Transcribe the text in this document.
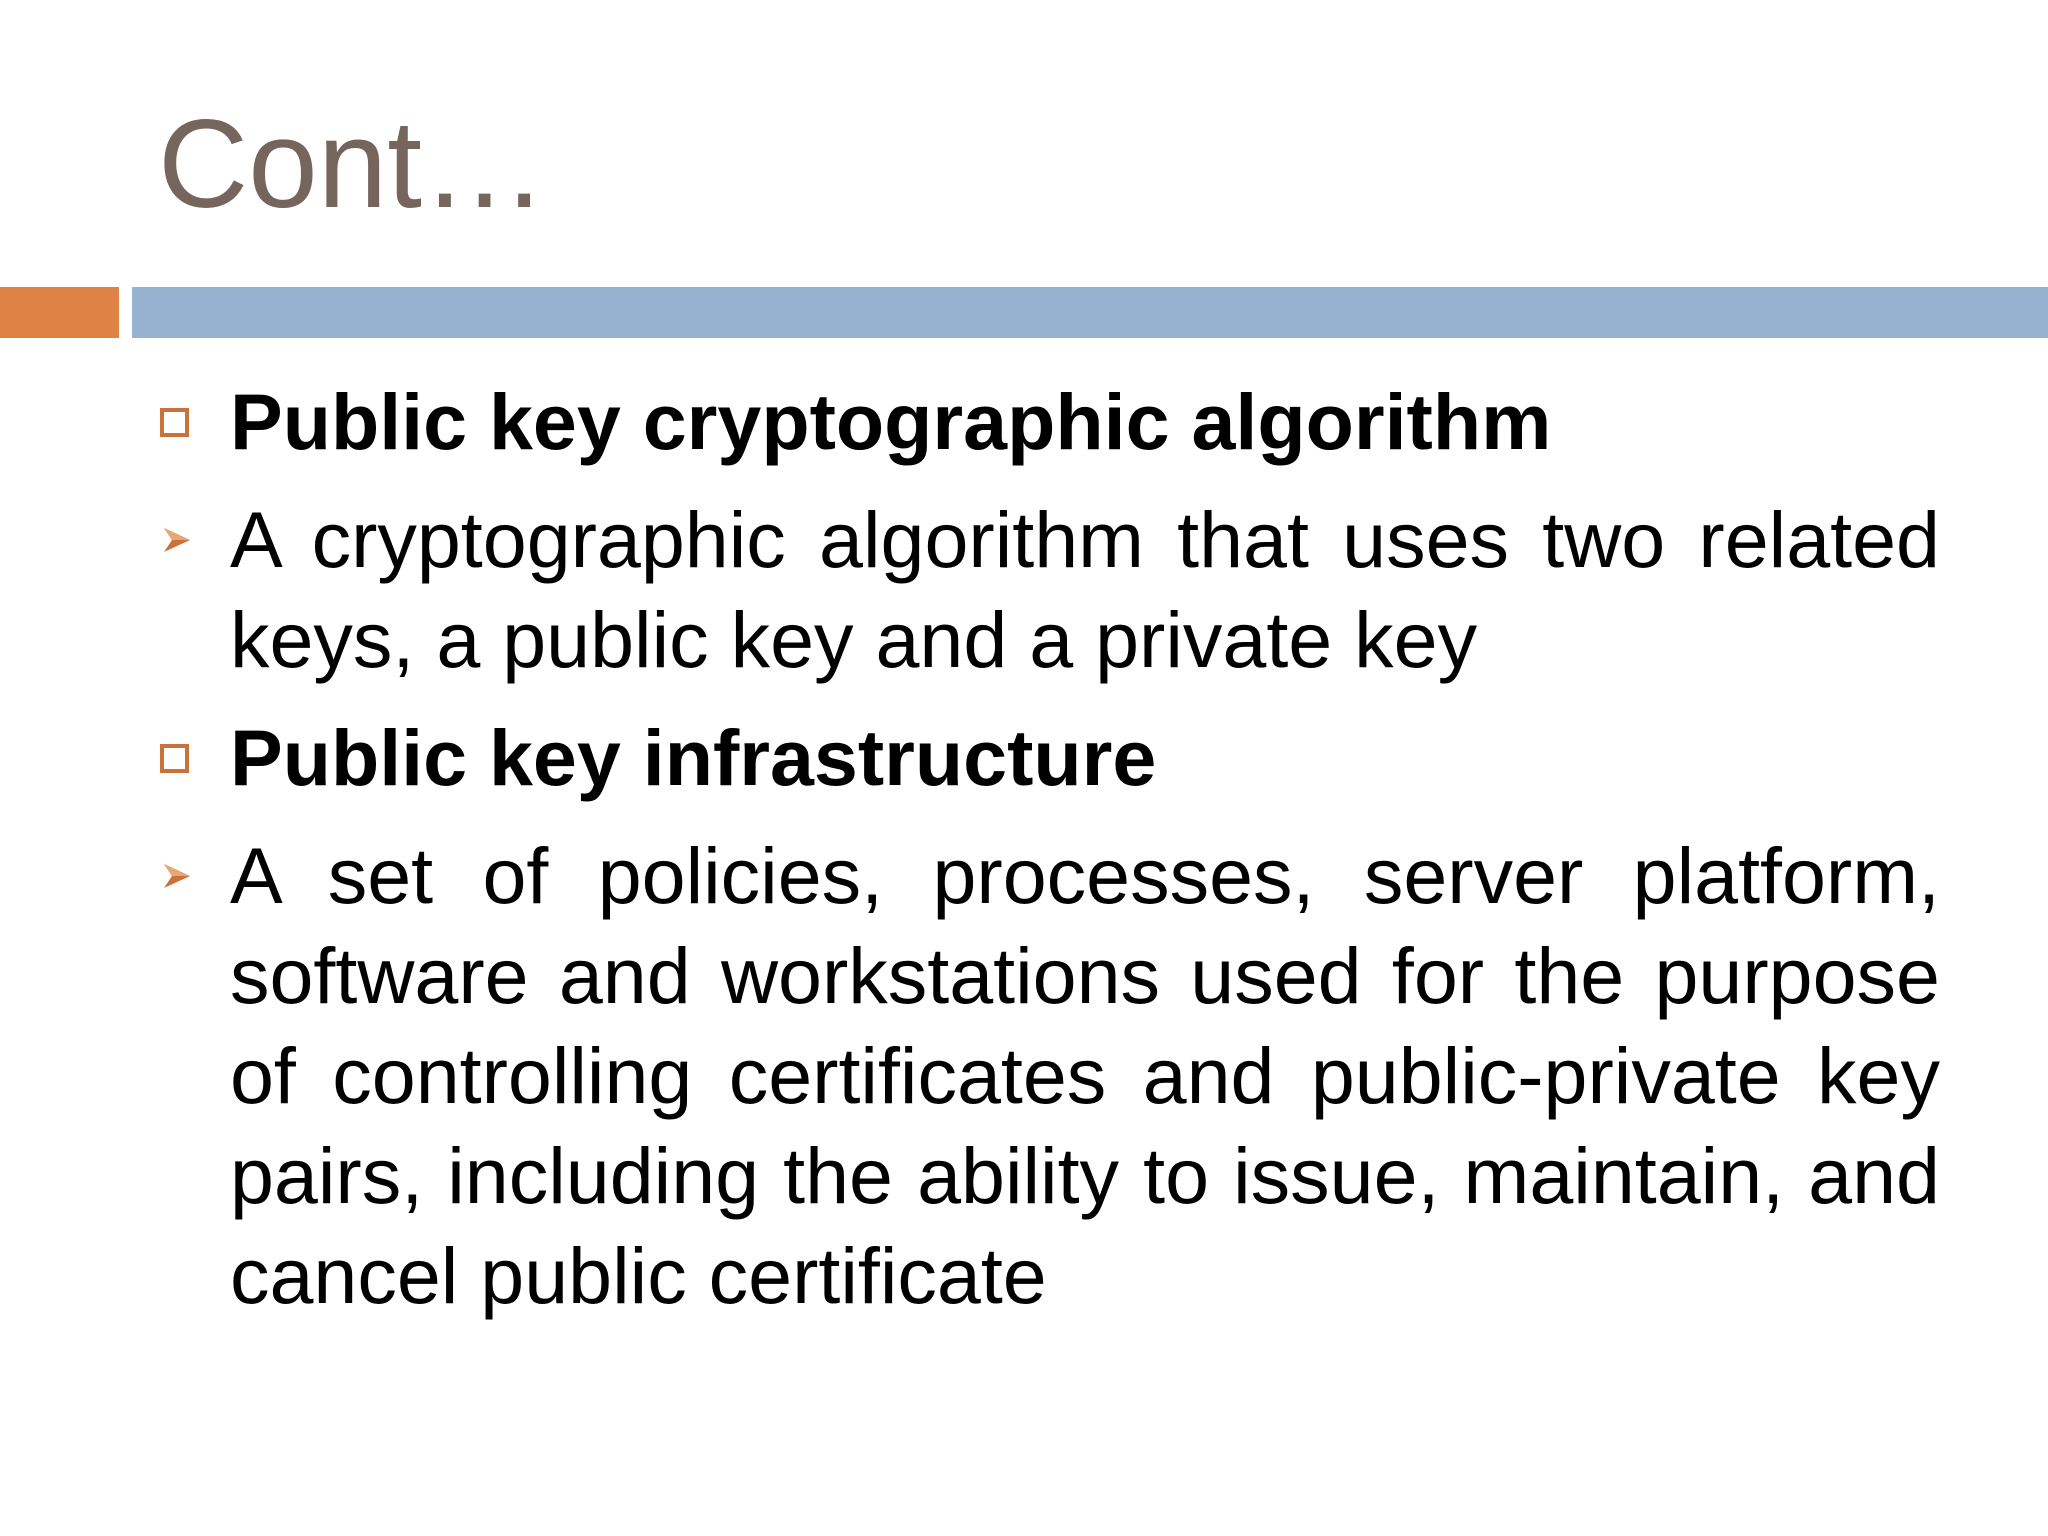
Cont…
Public key cryptographic algorithm
A cryptographic algorithm that uses two related keys, a public key and a private key
Public key infrastructure
A set of policies, processes, server platform, software and workstations used for the purpose of controlling certificates and public-private key pairs, including the ability to issue, maintain, and cancel public certificate
